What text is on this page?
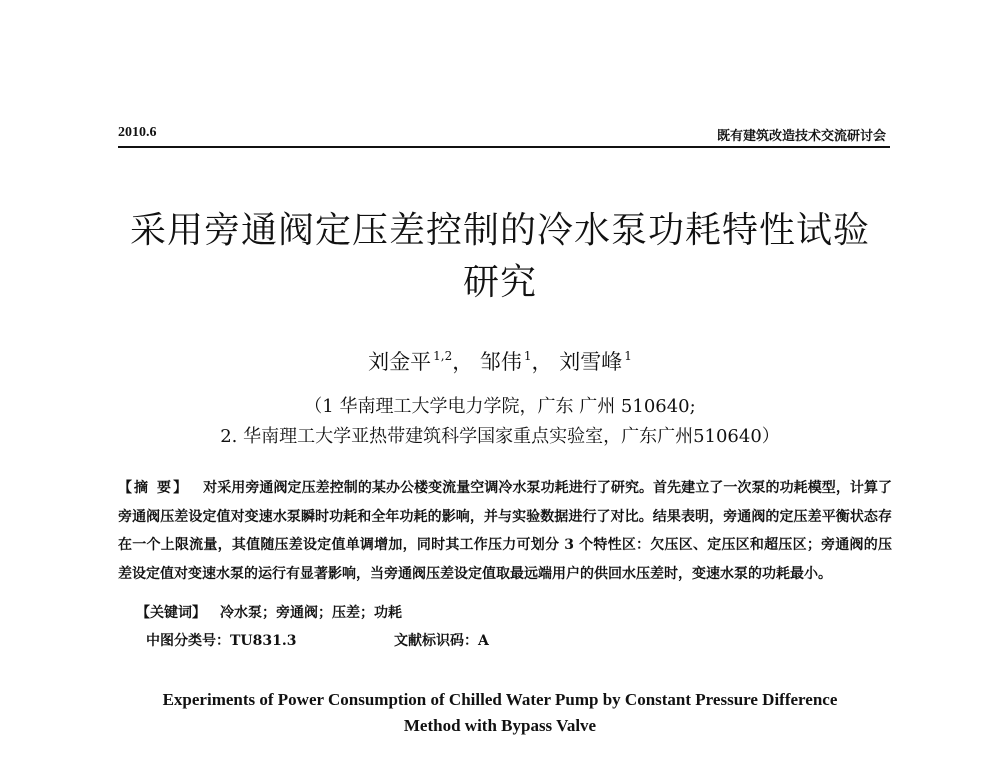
2010.6	既有建筑改造技术交流研讨会
采用旁通阀定压差控制的冷水泵功耗特性试验
研究
刘金平 $^{1,2}$， 邹伟 $^1$， 刘雪峰 $^1$
（1 华南理工大学电力学院，广东 广州 510640;
2. 华南理工大学亚热带建筑科学国家重点实验室，广东广州510640）
【摘 要】 对采用旁通阀定压差控制的某办公楼变流量空调冷水泵功耗进行了研究。首先建立了一次泵的功耗模型，计算了旁通阀压差设定值对变速水泵瞬时功耗和全年功耗的影响，并与实验数据进行了对比。结果表明，旁通阀的定压差平衡状态存在一个上限流量，其值随压差设定值单调增加，同时其工作压力可划分 3 个特性区：欠压区、定压区和超压区；旁通阀的压差设定值对变速水泵的运行有显著影响，当旁通阀压差设定值取最远端用户的供回水压差时，变速水泵的功耗最小。
【关键词】 冷水泵；旁通阀；压差；功耗
中图分类号：TU831.3	文献标识码：A
Experiments of Power Consumption of Chilled Water Pump by Constant Pressure Difference
Method with Bypass Valve
